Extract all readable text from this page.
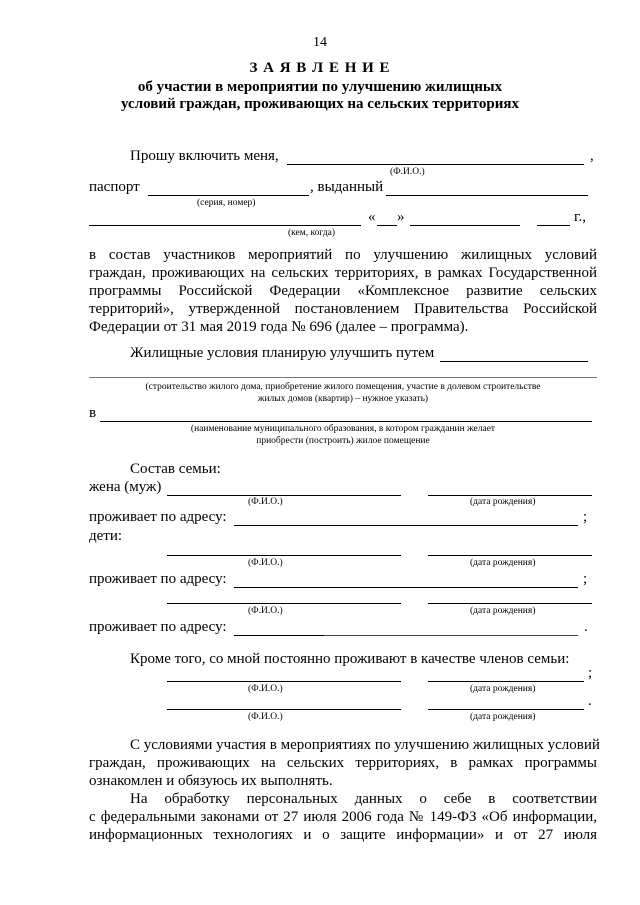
14
З А Я В Л Е Н И Е
об участии в мероприятии по улучшению жилищных
условий граждан, проживающих на сельских территориях
Прошу включить меня,	,
(Ф.И.О.)
паспорт	, выданный
(серия, номер)
« »	г.,
(кем, когда)
в состав участников мероприятий по улучшению жилищных условий
граждан, проживающих на сельских территориях, в рамках Государственной
программы Российской Федерации «Комплексное развитие сельских
территорий», утвержденной постановлением Правительства Российской
Федерации от 31 мая 2019 года № 696 (далее – программа).
Жилищные условия планирую улучшить путем
(строительство жилого дома, приобретение жилого помещения, участие в долевом строительстве
жилых домов (квартир) – нужное указать)
в
(наименование муниципального образования, в котором гражданин желает
приобрести (построить) жилое помещение
Состав семьи:
жена (муж)
(Ф.И.О.)	(дата рождения)
проживает по адресу:	;
дети:
(Ф.И.О.)	(дата рождения)
проживает по адресу:	;
(Ф.И.О.)	(дата рождения)
проживает по адресу:	.
Кроме того, со мной постоянно проживают в качестве членов семьи:
;
(Ф.И.О.)	(дата рождения)
.
(Ф.И.О.)	(дата рождения)
С условиями участия в мероприятиях по улучшению жилищных условий
граждан, проживающих на сельских территориях, в рамках программы
ознакомлен и обязуюсь их выполнять.
На обработку персональных данных о себе в соответствии
с федеральными законами от 27 июля 2006 года № 149-ФЗ «Об информации,
информационных технологиях и о защите информации» и от 27 июля
